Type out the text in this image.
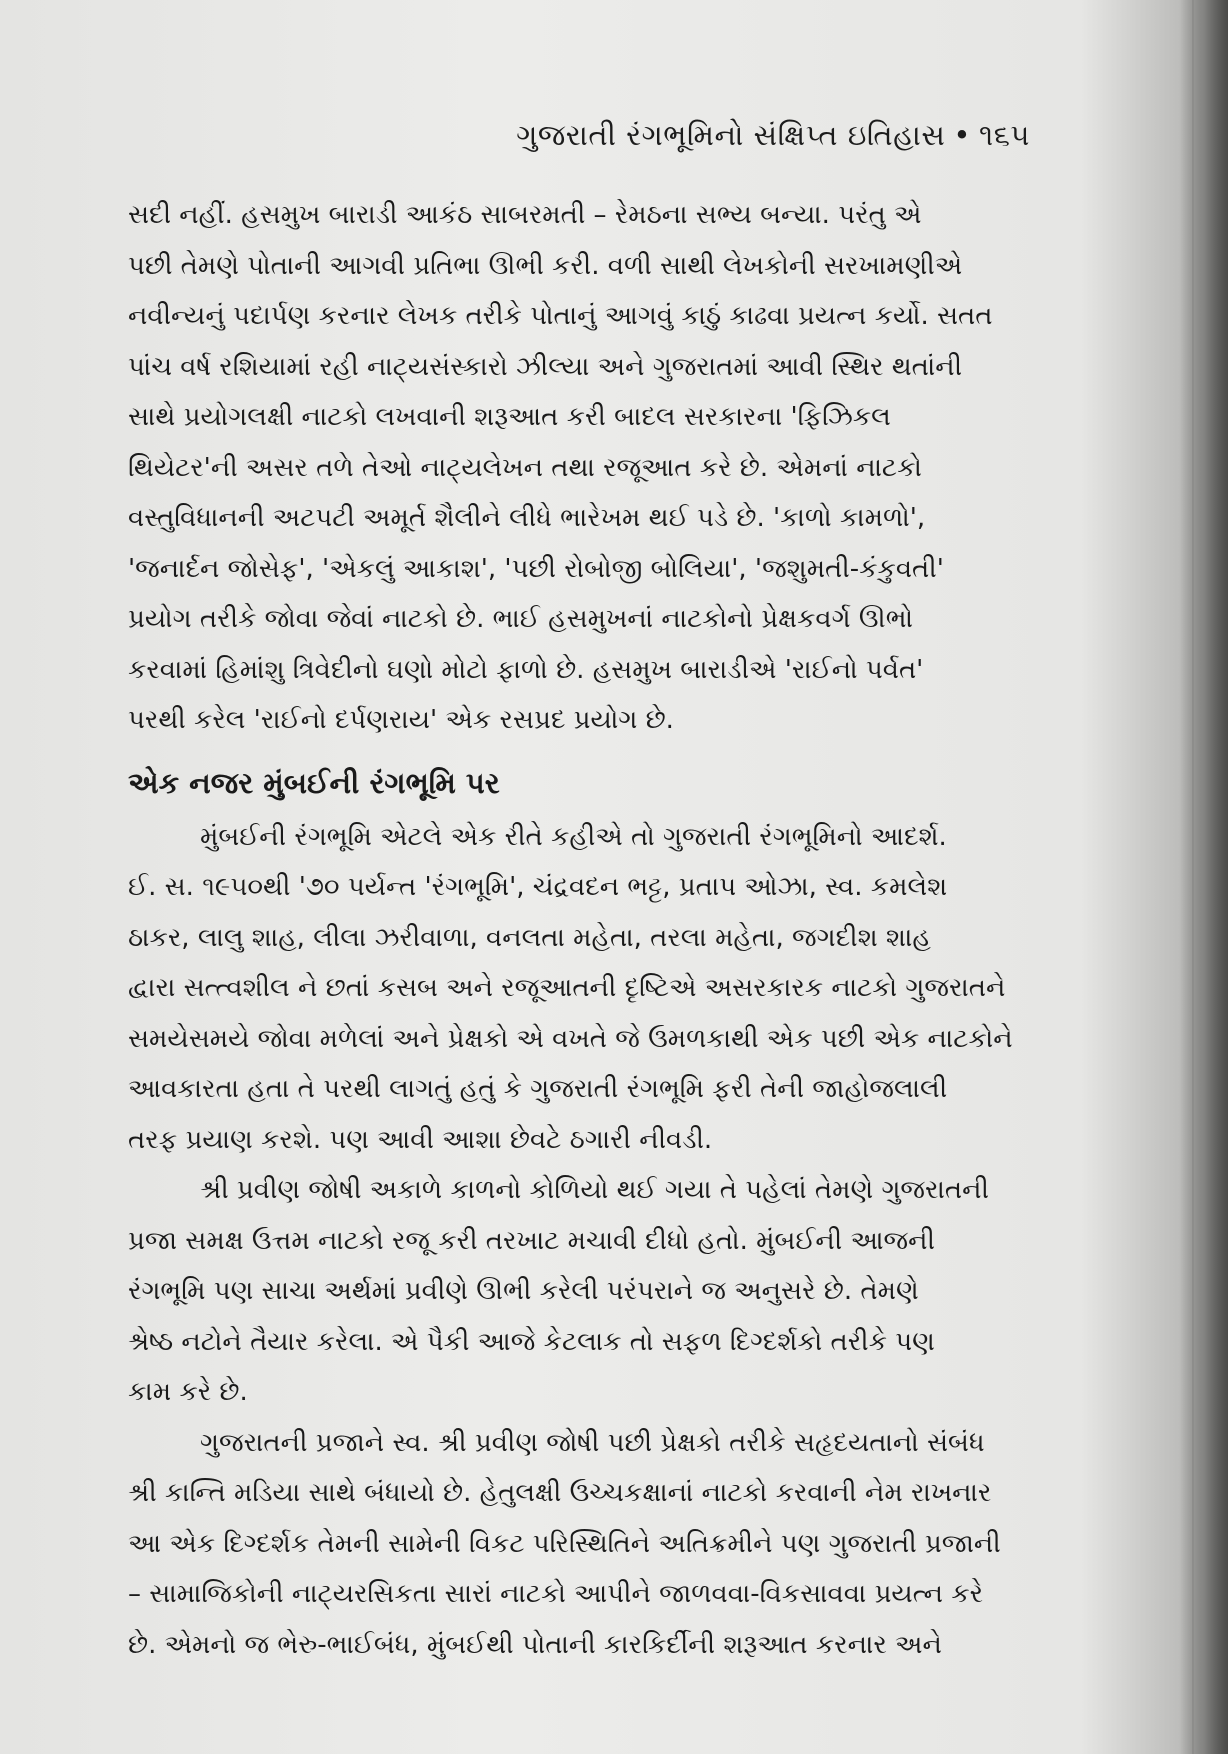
ગુજરાતી રંગભૂમિનો સંક્ષિપ્ત ઇતિહાસ • ૧૬૫

સદી નહીં. હસમુખ બારાડી આકંઠ સાબરમતી – રેમઠના સભ્ય બન્યા. પરંતુ એ
પછી તેમણે પોતાની આગવી પ્રતિભા ઊભી કરી. વળી સાથી લેખકોની સરખામણીએ
નવીન્યનું પદાર્પણ કરનાર લેખક તરીકે પોતાનું આગવું કાઠું કાઢવા પ્રયત્ન કર્યો. સતત
પાંચ વર્ષ રશિયામાં રહી નાટ્યસંસ્કારો ઝીલ્યા અને ગુજરાતમાં આવી સ્થિર થતાંની
સાથે પ્રયોગલક્ષી નાટકો લખવાની શરૂઆત કરી બાદલ સરકારના 'ફિઝિકલ
થિયેટર'ની અસર તળે તેઓ નાટ્યલેખન તથા રજૂઆત કરે છે. એમનાં નાટકો
વસ્તુવિધાનની અટપટી અમૂર્ત શૈલીને લીધે ભારેખમ થઈ પડે છે. 'કાળો કામળો',
'જનાર્દન જોસેફ', 'એકલું આકાશ', 'પછી રોબોજી બોલિયા', 'જશુમતી-કંકુવતી'
પ્રયોગ તરીકે જોવા જેવાં નાટકો છે. ભાઈ હસમુખનાં નાટકોનો પ્રેક્ષકવર્ગ ઊભો
કરવામાં હિમાંશુ ત્રિવેદીનો ઘણો મોટો ફાળો છે. હસમુખ બારાડીએ 'રાઈનો પર્વત'
પરથી કરેલ 'રાઈનો દર્પણરાય' એક રસપ્રદ પ્રયોગ છે.

એક નજર મુંબઈની રંગભૂમિ પર

મુંબઈની રંગભૂમિ એટલે એક રીતે કહીએ તો ગુજરાતી રંગભૂમિનો આદર્શ.
ઈ. સ. ૧૯૫૦થી '૭૦ પર્યન્ત 'રંગભૂમિ', ચંદ્રવદન ભટ્ટ, પ્રતાપ ઓઝા, સ્વ. કમલેશ
ઠાકર, લાલુ શાહ, લીલા ઝરીવાળા, વનલતા મહેતા, તરલા મહેતા, જગદીશ શાહ
દ્વારા સત્ત્વશીલ ને છતાં કસબ અને રજૂઆતની દૃષ્ટિએ અસરકારક નાટકો ગુજરાતને
સમયેસમયે જોવા મળેલાં અને પ્રેક્ષકો એ વખતે જે ઉમળકાથી એક પછી એક નાટકોને
આવકારતા હતા તે પરથી લાગતું હતું કે ગુજરાતી રંગભૂમિ ફરી તેની જાહોજલાલી
તરફ પ્રયાણ કરશે. પણ આવી આશા છેવટે ઠગારી નીવડી.

શ્રી પ્રવીણ જોષી અકાળે કાળનો કોળિયો થઈ ગયા તે પહેલાં તેમણે ગુજરાતની
પ્રજા સમક્ષ ઉત્તમ નાટકો રજૂ કરી તરખાટ મચાવી દીધો હતો. મુંબઈની આજની
રંગભૂમિ પણ સાચા અર્થમાં પ્રવીણે ઊભી કરેલી પરંપરાને જ અનુસરે છે. તેમણે
શ્રેષ્ઠ નટોને તૈયાર કરેલા. એ પૈકી આજે કેટલાક તો સફળ દિગ્દર્શકો તરીકે પણ
કામ કરે છે.

ગુજરાતની પ્રજાને સ્વ. શ્રી પ્રવીણ જોષી પછી પ્રેક્ષકો તરીકે સહૃદયતાનો સંબંધ
શ્રી કાન્તિ મડિયા સાથે બંધાયો છે. હેતુલક્ષી ઉચ્ચકક્ષાનાં નાટકો કરવાની નેમ રાખનાર
આ એક દિગ્દર્શક તેમની સામેની વિકટ પરિસ્થિતિને અતિક્રમીને પણ ગુજરાતી પ્રજાની
– સામાજિકોની નાટ્યરસિકતા સારાં નાટકો આપીને જાળવવા-વિકસાવવા પ્રયત્ન કરે
છે. એમનો જ ભેરુ-ભાઈબંધ, મુંબઈથી પોતાની કારકિર્દીની શરૂઆત કરનાર અને
